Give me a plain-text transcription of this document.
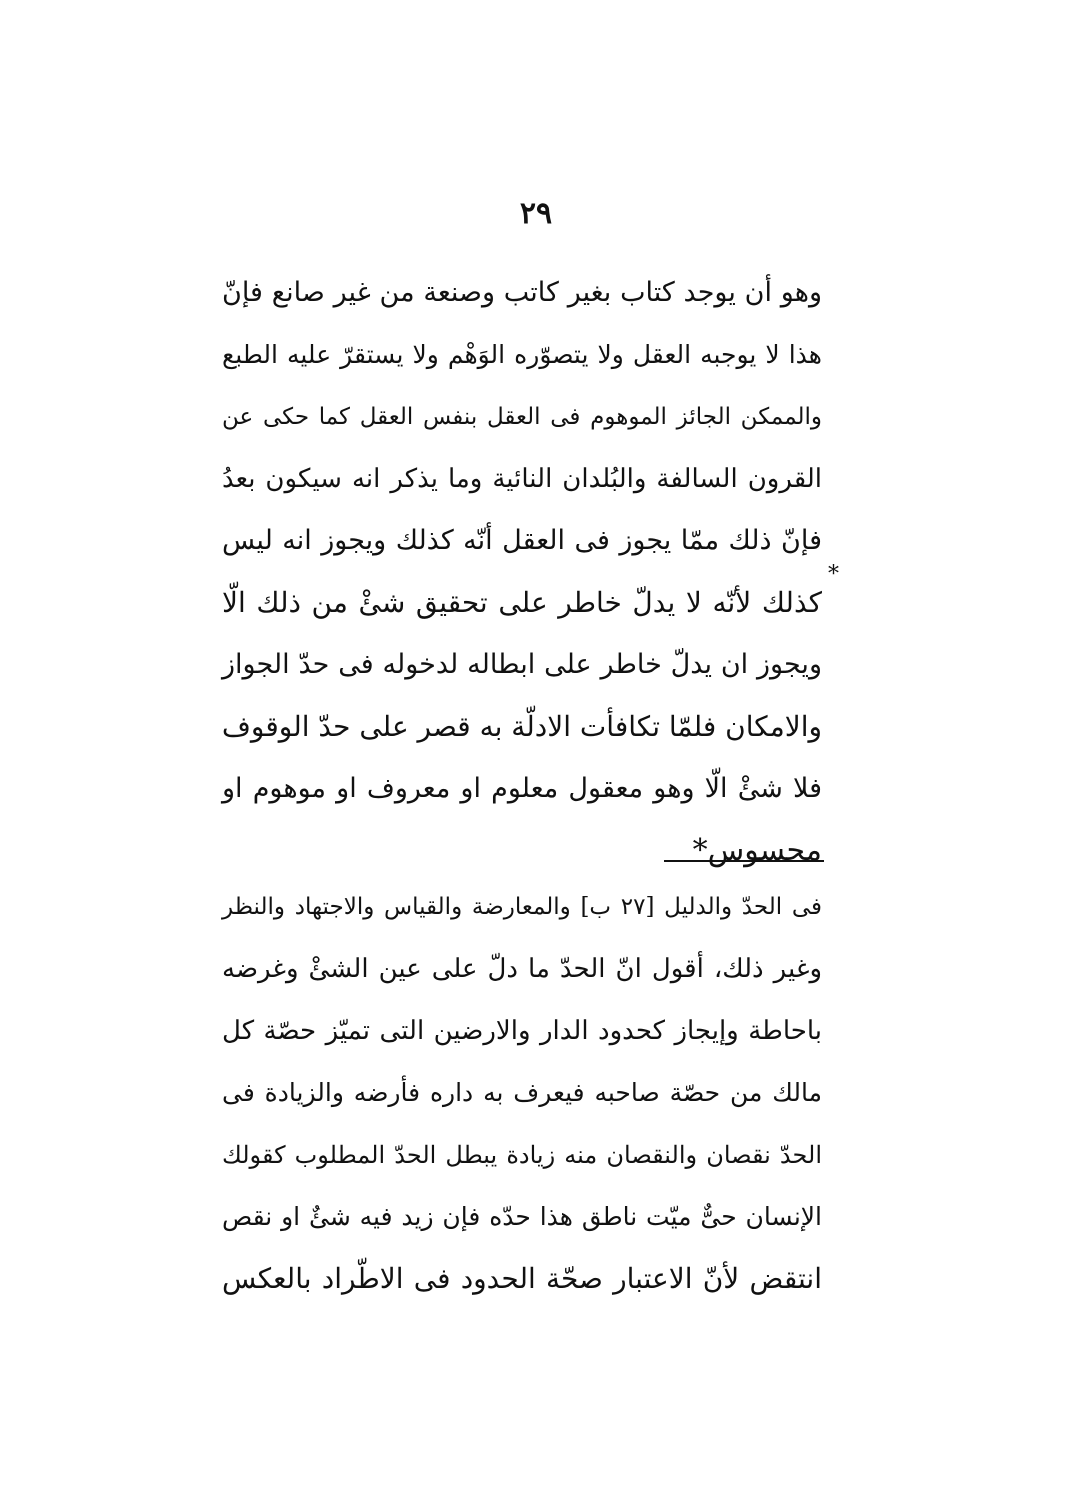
٢٩
وهو أن يوجد كتاب بغير كاتب وصنعة من غير صانع فإنّ
هذا لا يوجبه العقل ولا يتصوّره الوَهْم ولا يستقرّ عليه الطبع
والممكن الجائز الموهوم فى العقل بنفس العقل كما حكى عن
القرون السالفة والبُلدان النائية وما يذكر انه سيكون بعدُ
فإنّ ذلك ممّا يجوز فى العقل أنّه كذلك ويجوز انه ليس
كذلك لأنّه لا يدلّ خاطر على تحقيق شئْ من ذلك الّا
ويجوز ان يدلّ خاطر على ابطاله لدخوله فى حدّ الجواز
والامكان فلمّا تكافأت الادلّة به قصر على حدّ الوقوف
فلا شئْ الّا وهو معقول معلوم او معروف او موهوم او
محسوس*
*
فى الحدّ والدليل [٢٧ ب] والمعارضة والقياس والاجتهاد والنظر
وغير ذلك، أقول انّ الحدّ ما دلّ على عين الشئْ وغرضه
باحاطة وإيجاز كحدود الدار والارضين التى تميّز حصّة كل
مالك من حصّة صاحبه فيعرف به داره فأرضه والزيادة فى
الحدّ نقصان والنقصان منه زيادة يبطل الحدّ المطلوب كقولك
الإنسان حىٌّ ميّت ناطق هذا حدّه فإن زيد فيه شئٌ او نقص
انتقض لأنّ الاعتبار صحّة الحدود فى الاطّراد بالعكس
